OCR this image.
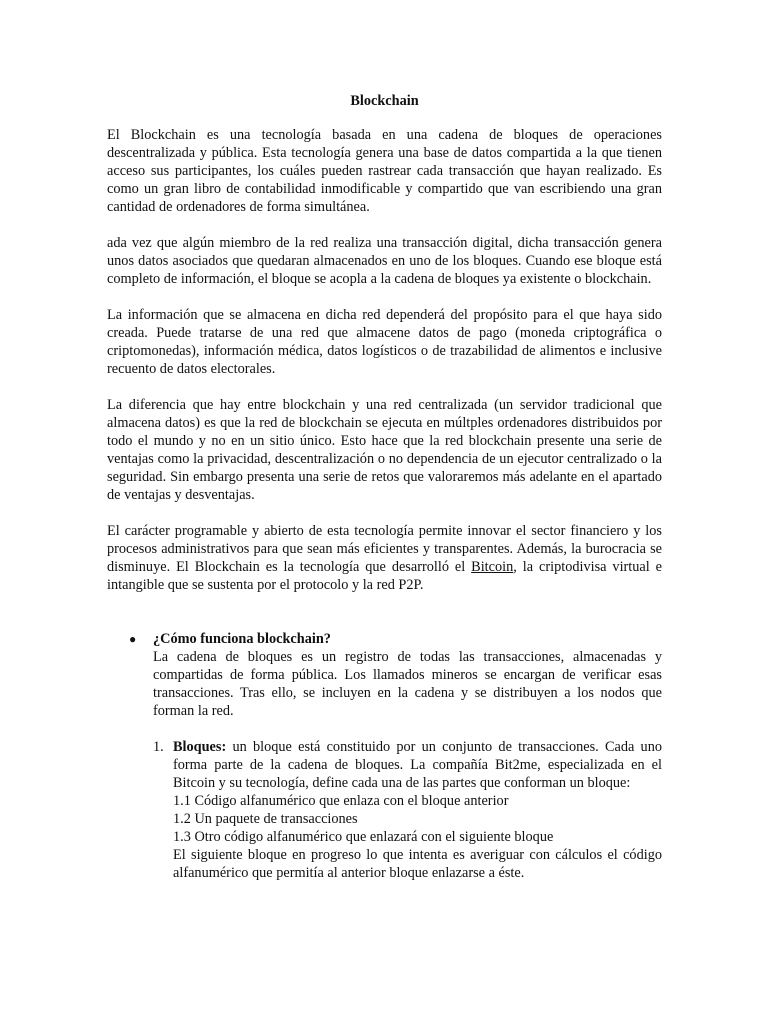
Blockchain

El Blockchain es una tecnología basada en una cadena de bloques de operaciones descentralizada y pública. Esta tecnología genera una base de datos compartida a la que tienen acceso sus participantes, los cuáles pueden rastrear cada transacción que hayan realizado. Es como un gran libro de contabilidad inmodificable y compartido que van escribiendo una gran cantidad de ordenadores de forma simultánea.

ada vez que algún miembro de la red realiza una transacción digital, dicha transacción genera unos datos asociados que quedaran almacenados en uno de los bloques. Cuando ese bloque está completo de información, el bloque se acopla a la cadena de bloques ya existente o blockchain.

La información que se almacena en dicha red dependerá del propósito para el que haya sido creada. Puede tratarse de una red que almacene datos de pago (moneda criptográfica o criptomonedas), información médica, datos logísticos o de trazabilidad de alimentos e inclusive recuento de datos electorales.

La diferencia que hay entre blockchain y una red centralizada (un servidor tradicional que almacena datos) es que la red de blockchain se ejecuta en múltples ordenadores distribuidos por todo el mundo y no en un sitio único. Esto hace que la red blockchain presente una serie de ventajas como la privacidad, descentralización o no dependencia de un ejecutor centralizado o la seguridad. Sin embargo presenta una serie de retos que valoraremos más adelante en el apartado de ventajas y desventajas.

El carácter programable y abierto de esta tecnología permite innovar el sector financiero y los procesos administrativos para que sean más eficientes y transparentes. Además, la burocracia se disminuye. El Blockchain es la tecnología que desarrolló el Bitcoin, la criptodivisa virtual e intangible que se sustenta por el protocolo y la red P2P.

● ¿Cómo funciona blockchain?
La cadena de bloques es un registro de todas las transacciones, almacenadas y compartidas de forma pública. Los llamados mineros se encargan de verificar esas transacciones. Tras ello, se incluyen en la cadena y se distribuyen a los nodos que forman la red.
1. Bloques: un bloque está constituido por un conjunto de transacciones. Cada uno forma parte de la cadena de bloques. La compañía Bit2me, especializada en el Bitcoin y su tecnología, define cada una de las partes que conforman un bloque:
1.1 Código alfanumérico que enlaza con el bloque anterior
1.2 Un paquete de transacciones
1.3 Otro código alfanumérico que enlazará con el siguiente bloque
El siguiente bloque en progreso lo que intenta es averiguar con cálculos el código alfanumérico que permitía al anterior bloque enlazarse a éste.
